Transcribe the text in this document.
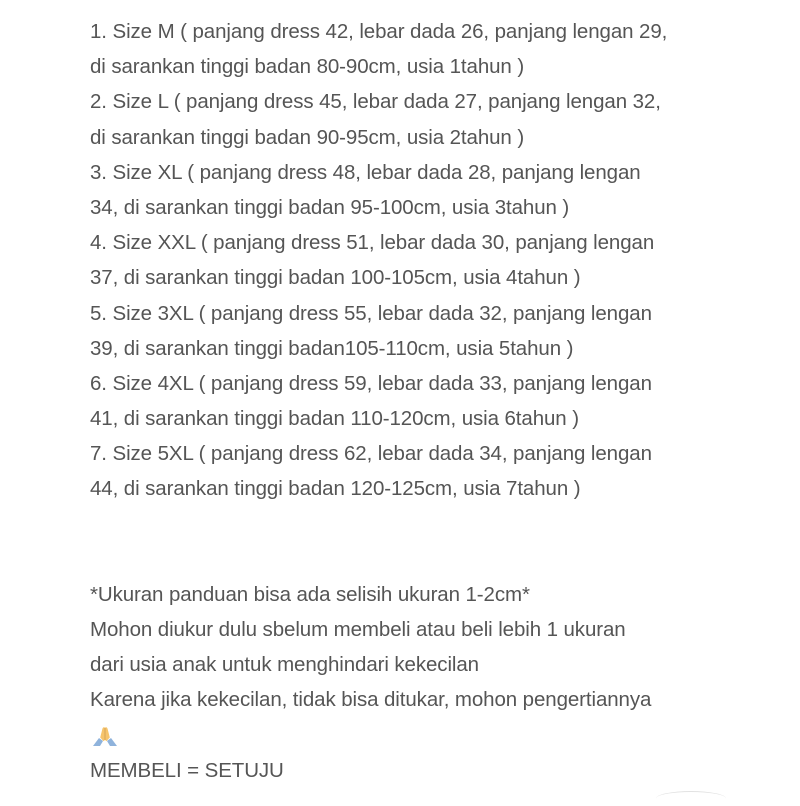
1. Size M ( panjang dress 42, lebar dada 26, panjang lengan 29,
di sarankan tinggi badan 80-90cm, usia 1tahun )
2. Size L ( panjang dress 45, lebar dada 27, panjang lengan 32,
di sarankan tinggi badan 90-95cm, usia 2tahun )
3. Size XL ( panjang dress 48, lebar dada 28, panjang lengan
34, di sarankan tinggi badan 95-100cm, usia 3tahun )
4. Size XXL ( panjang dress 51, lebar dada 30, panjang lengan
37, di sarankan tinggi badan 100-105cm, usia 4tahun )
5. Size 3XL ( panjang dress 55, lebar dada 32, panjang lengan
39, di sarankan tinggi badan105-110cm, usia 5tahun )
6. Size 4XL ( panjang dress 59, lebar dada 33, panjang lengan
41, di sarankan tinggi badan 110-120cm, usia 6tahun )
7. Size 5XL ( panjang dress 62, lebar dada 34, panjang lengan
44, di sarankan tinggi badan 120-125cm, usia 7tahun )
*Ukuran panduan bisa ada selisih ukuran 1-2cm*
Mohon diukur dulu sbelum membeli atau beli lebih 1 ukuran
dari usia anak untuk menghindari kekecilan
Karena jika kekecilan, tidak bisa ditukar, mohon pengertiannya
MEMBELI = SETUJU
